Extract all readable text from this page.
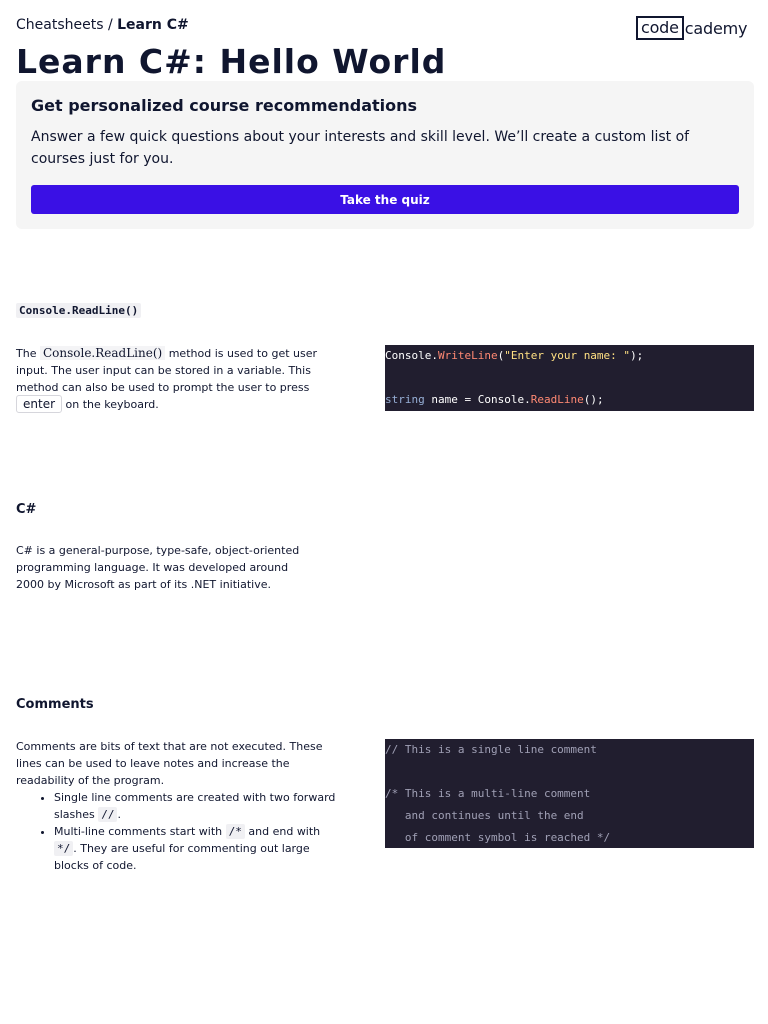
Cheatsheets / Learn C#	code cademy
Learn C#: Hello World
Get personalized course recommendations

Answer a few quick questions about your interests and skill level. We’ll create a custom list of courses just for you.

Take the quiz
Console.ReadLine()

The Console.ReadLine() method is used to get user input. The user input can be stored in a variable. This method can also be used to prompt the user to press enter on the keyboard.

Console.WriteLine("Enter your name: ");

string name = Console.ReadLine();
C#

C# is a general-purpose, type-safe, object-oriented programming language. It was developed around 2000 by Microsoft as part of its .NET initiative.

Comments

Comments are bits of text that are not executed. These lines can be used to leave notes and increase the readability of the program.

• Single line comments are created with two forward slashes // .
• Multi-line comments start with /* and end with */ . They are useful for commenting out large blocks of code.
// This is a single line comment

/* This is a multi-line comment
and continues until the end
of comment symbol is reached */
